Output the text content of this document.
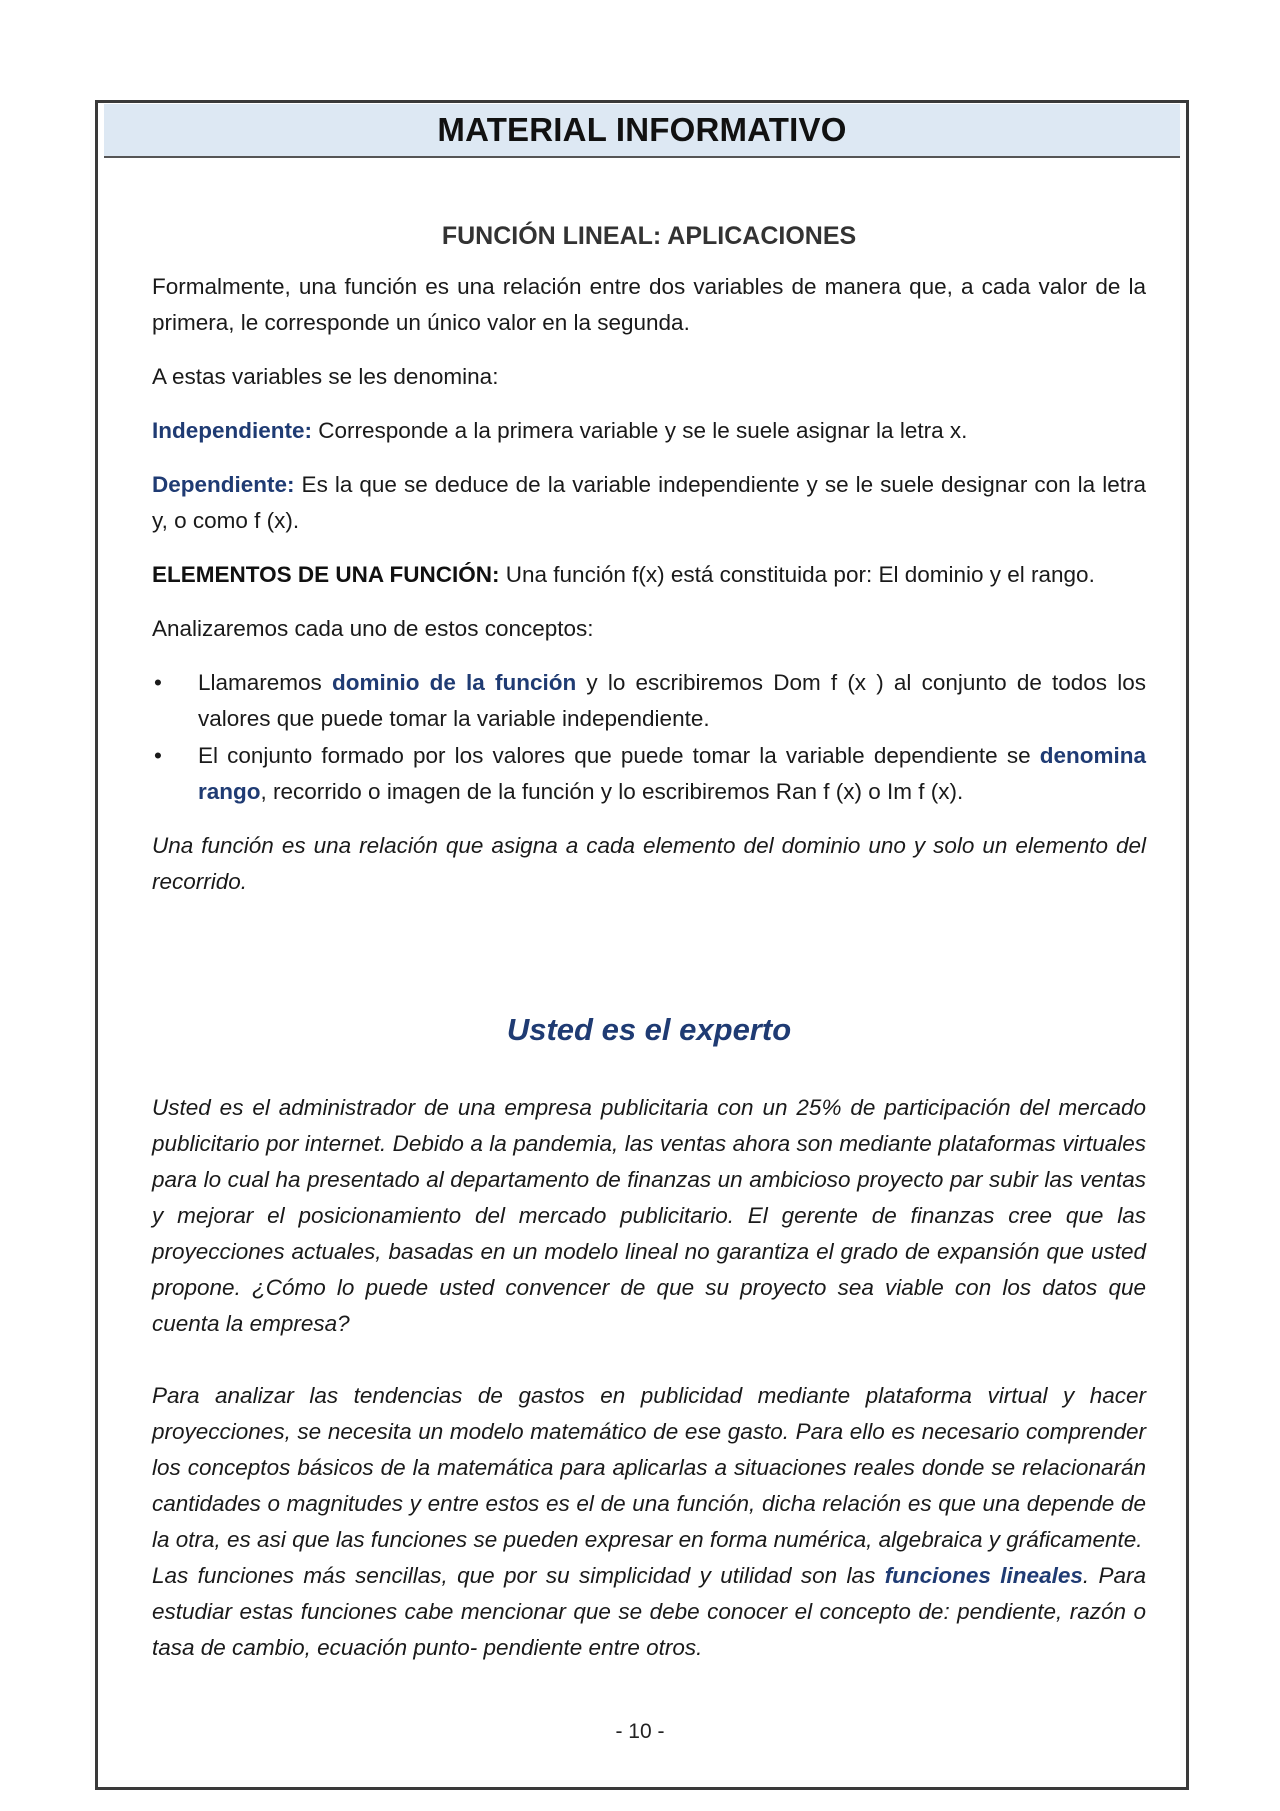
MATERIAL INFORMATIVO
FUNCIÓN LINEAL: APLICACIONES

Formalmente, una función es una relación entre dos variables de manera que, a cada valor de la primera, le corresponde un único valor en la segunda.

A estas variables se les denomina:

Independiente: Corresponde a la primera variable y se le suele asignar la letra x.

Dependiente: Es la que se deduce de la variable independiente y se le suele designar con la letra y, o como f (x).

ELEMENTOS DE UNA FUNCIÓN: Una función f(x) está constituida por: El dominio y el rango.

Analizaremos cada uno de estos conceptos:

• Llamaremos dominio de la función y lo escribiremos Dom f (x ) al conjunto de todos los valores que puede tomar la variable independiente.
• El conjunto formado por los valores que puede tomar la variable dependiente se denomina rango, recorrido o imagen de la función y lo escribiremos Ran f (x) o Im f (x).

Una función es una relación que asigna a cada elemento del dominio uno y solo un elemento del recorrido.

Usted es el experto

Usted es el administrador de una empresa publicitaria con un 25% de participación del mercado publicitario por internet. Debido a la pandemia, las ventas ahora son mediante plataformas virtuales para lo cual ha presentado al departamento de finanzas un ambicioso proyecto par subir las ventas y mejorar el posicionamiento del mercado publicitario. El gerente de finanzas cree que las proyecciones actuales, basadas en un modelo lineal no garantiza el grado de expansión que usted propone. ¿Cómo lo puede usted convencer de que su proyecto sea viable con los datos que cuenta la empresa?

Para analizar las tendencias de gastos en publicidad mediante plataforma virtual y hacer proyecciones, se necesita un modelo matemático de ese gasto. Para ello es necesario comprender los conceptos básicos de la matemática para aplicarlas a situaciones reales donde se relacionarán cantidades o magnitudes y entre estos es el de una función, dicha relación es que una depende de la otra, es asi que las funciones se pueden expresar en forma numérica, algebraica y gráficamente.

Las funciones más sencillas, que por su simplicidad y utilidad son las funciones lineales. Para estudiar estas funciones cabe mencionar que se debe conocer el concepto de: pendiente, razón o tasa de cambio, ecuación punto- pendiente entre otros.

- 10 -
